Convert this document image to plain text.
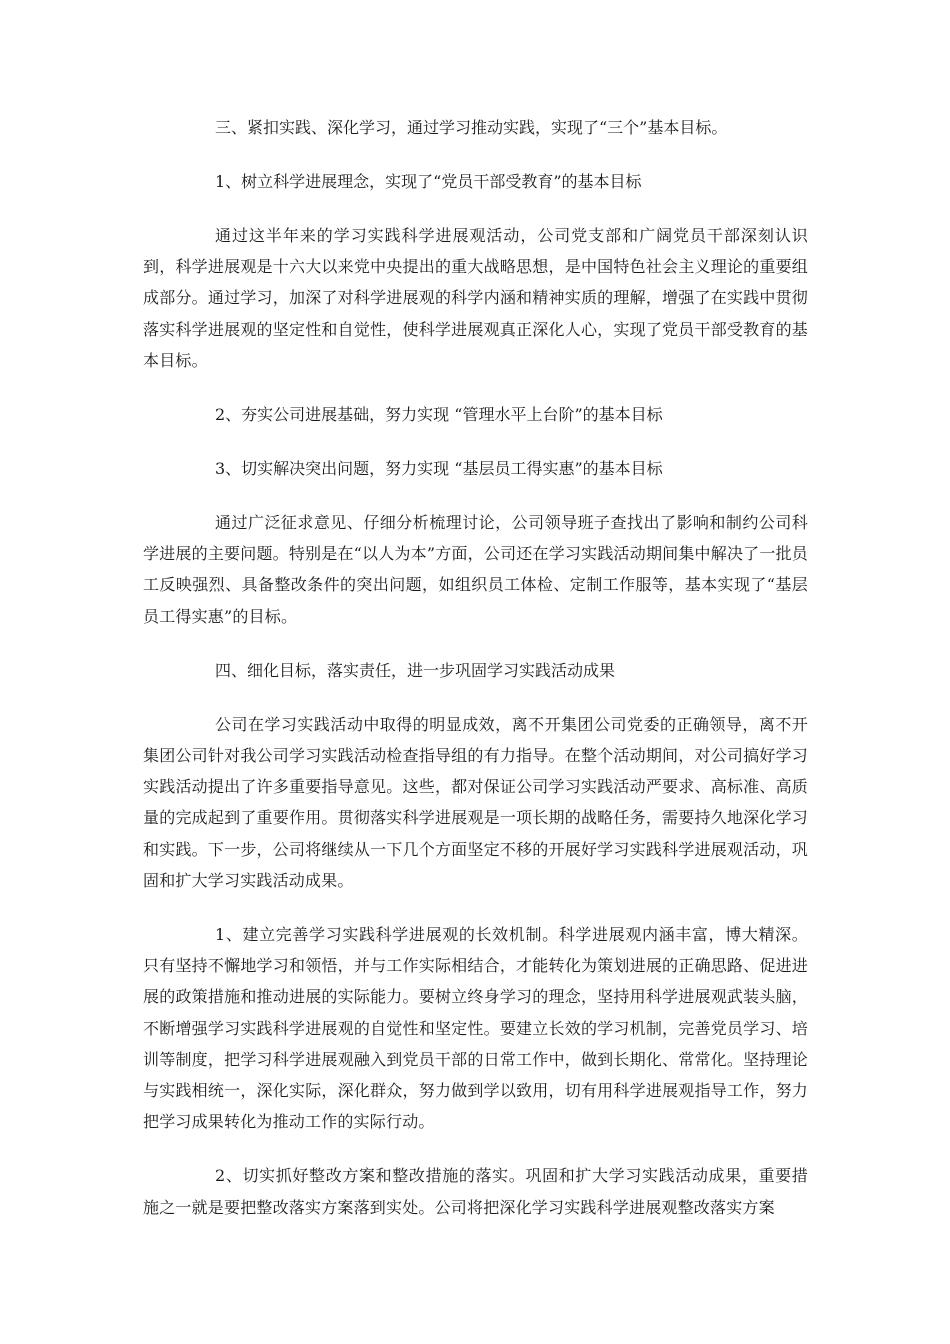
三、紧扣实践、深化学习，通过学习推动实践，实现了“三个”基本目标。

1、树立科学进展理念，实现了“党员干部受教育”的基本目标

通过这半年来的学习实践科学进展观活动，公司党支部和广阔党员干部深刻认识到，科学进展观是十六大以来党中央提出的重大战略思想，是中国特色社会主义理论的重要组成部分。通过学习，加深了对科学进展观的科学内涵和精神实质的理解，增强了在实践中贯彻落实科学进展观的坚定性和自觉性，使科学进展观真正深化人心，实现了党员干部受教育的基本目标。

2、夯实公司进展基础，努力实现 “管理水平上台阶”的基本目标

3、切实解决突出问题，努力实现 “基层员工得实惠”的基本目标

通过广泛征求意见、仔细分析梳理讨论，公司领导班子查找出了影响和制约公司科学进展的主要问题。特别是在“以人为本”方面，公司还在学习实践活动期间集中解决了一批员工反映强烈、具备整改条件的突出问题，如组织员工体检、定制工作服等，基本实现了“基层员工得实惠”的目标。

四、细化目标，落实责任，进一步巩固学习实践活动成果

公司在学习实践活动中取得的明显成效，离不开集团公司党委的正确领导，离不开集团公司针对我公司学习实践活动检查指导组的有力指导。在整个活动期间，对公司搞好学习实践活动提出了许多重要指导意见。这些，都对保证公司学习实践活动严要求、高标准、高质量的完成起到了重要作用。贯彻落实科学进展观是一项长期的战略任务，需要持久地深化学习和实践。下一步，公司将继续从一下几个方面坚定不移的开展好学习实践科学进展观活动，巩固和扩大学习实践活动成果。

1、建立完善学习实践科学进展观的长效机制。科学进展观内涵丰富，博大精深。只有坚持不懈地学习和领悟，并与工作实际相结合，才能转化为策划进展的正确思路、促进进展的政策措施和推动进展的实际能力。要树立终身学习的理念，坚持用科学进展观武装头脑，不断增强学习实践科学进展观的自觉性和坚定性。要建立长效的学习机制，完善党员学习、培训等制度，把学习科学进展观融入到党员干部的日常工作中，做到长期化、常常化。坚持理论与实践相统一，深化实际，深化群众，努力做到学以致用，切有用科学进展观指导工作，努力把学习成果转化为推动工作的实际行动。

2、切实抓好整改方案和整改措施的落实。巩固和扩大学习实践活动成果，重要措施之一就是要把整改落实方案落到实处。公司将把深化学习实践科学进展观整改落实方案
